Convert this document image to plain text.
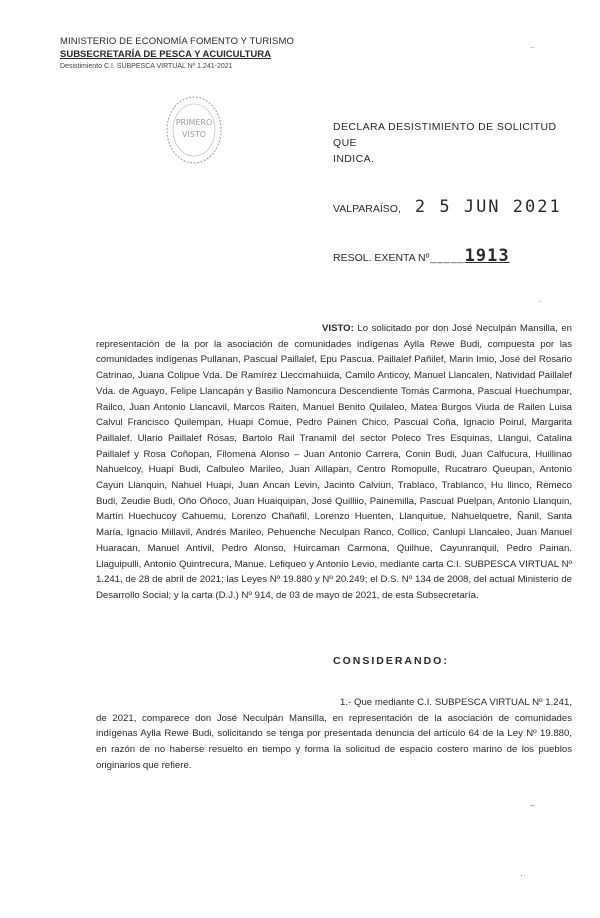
MINISTERIO DE ECONOMÍA FOMENTO Y TURISMO
SUBSECRETARÍA DE PESCA Y ACUICULTURA
Desistimiento C.I. SUBPESCA VIRTUAL Nº 1.241-2021
PRIMERO
VISTO
DECLARA DESISTIMIENTO DE SOLICITUD QUE
INDICA.
VALPARAÍSO, 2 5 JUN 2021
RESOL. EXENTA Nº _____ 1913
VISTO: Lo solicitado por don José Neculpán Mansilla, en representación de la por la asociación de comunidades indígenas Aylla Rewe Budi, compuesta por las comunidades indígenas Pullanan, Pascual Paillalef, Epu Pascua. Paillalef Pañilef, Marin Imio, José del Rosario Catrinao, Juana Colipue Vda. De Ramírez Lleccmahuida, Camilo Anticoy, Manuel Llancalen, Natividad Paillalef Vda. de Aguayo, Felipe Llancapán y Basilio Namoncura Descendiente Tomás Carmona, Pascual Huechumpar, Railco, Juan Antonio Llancavil, Marcos Raiten, Manuel Benito Quilaleo, Matea Burgos Viuda de Railen Luisa Calvul Francisco Quilempan, Huapi Comue, Pedro Painen Chico, Pascual Coña, Ignacio Poirul, Margarita Paillalef. Ulario Paillalef Rosas, Bartolo Rail Tranamil del sector Poleco Tres Esquinas, Llangui, Catalina Paillalef y Rosa Coñopan, Filomena Alonso – Juan Antonio Carrera, Conin Budi, Juan Calfucura, Huillinao Nahuelcoy, Huapi Budi, Calbuleo Marileo, Juan Aillapan, Centro Romopulle, Rucatraro Queupan, Antonio Cayun Llanquin, Nahuel Huapi, Juan Ancan Levin, Jacinto Calviun, Trablaco, Trablanco, Hu llinco, Remeco Budi, Zeudie Budi, Oño Oñoco, Juan Huaiquipan, José Quilliio, Painemilla, Pascual Puelpan, Antonio Llanquin, Martín Huechucoy Cahuemu, Lorenzo Chañafil, Lorenzo Huenten, Llanquitue, Nahuelquetre, Ñanil, Santa María, Ignacio Millavil, Andrés Marileo, Pehuenche Neculpan Ranco, Collico, Canlupi Llancaleo, Juan Manuel Huaracan, Manuel Antivil, Pedro Alonso, Huircaman Carmona, Quilhue, Cayunranquil, Pedro Painan. Llaguipulli, Antonio Quintrecura, Manue. Lefiqueo y Antonio Levio, mediante carta C.I. SUBPESCA VIRTUAL Nº 1.241, de 28 de abril de 2021; las Leyes Nº 19.880 y Nº 20.249; el D.S. Nº 134 de 2008, del actual Ministerio de Desarrollo Social; y la carta (D.J.) Nº 914, de 03 de mayo de 2021, de esta Subsecretaría.
CONSIDERANDO:
1.- Que mediante C.I. SUBPESCA VIRTUAL Nº 1.241, de 2021, comparece don José Neculpán Mansilla, en representación de la asociación de comunidades indígenas Aylla Rewe Budi, solicitando se tenga por presentada denuncia del artículo 64 de la Ley Nº 19.880, en razón de no haberse resuelto en tiempo y forma la solicitud de espacio costero marino de los pueblos originarios que refiere.
..
·
–
·
